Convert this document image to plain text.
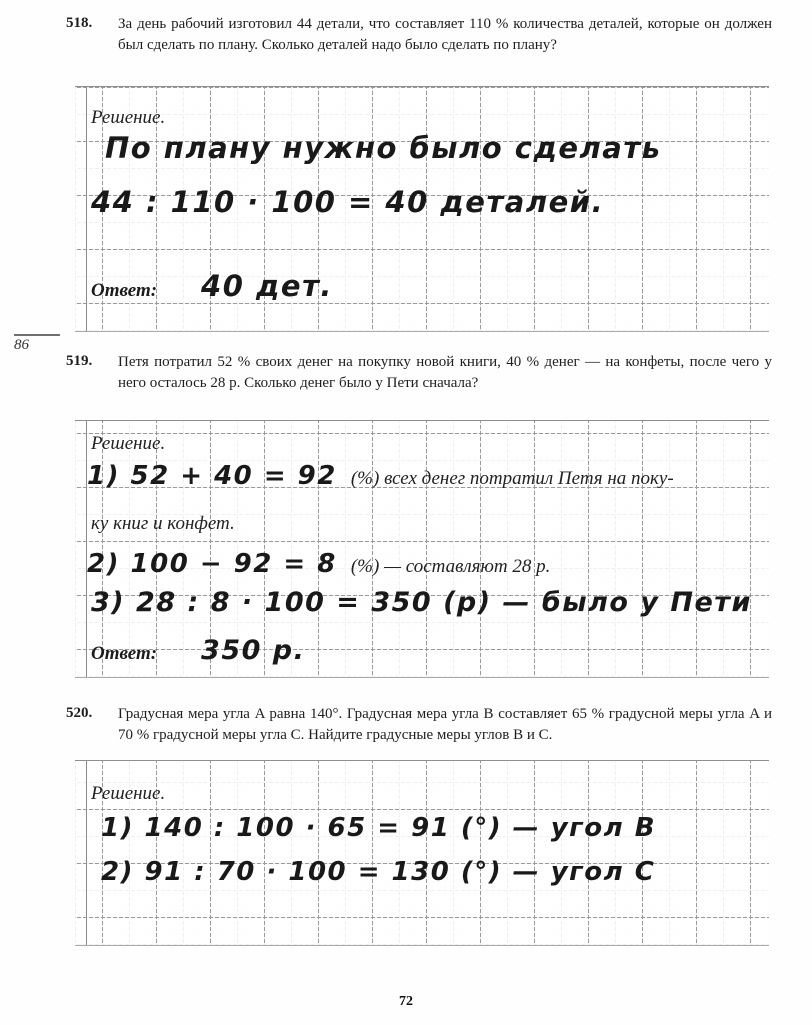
518.	За день рабочий изготовил 44 детали, что составляет 110 % количества деталей, которые он должен был сделать по плану. Сколько деталей надо было сделать по плану?

Решение.
По плану нужно было сделать
44 : 110 · 100 = 40 деталей.
Ответ: 40 дет.
86
519.	Петя потратил 52 % своих денег на покупку новой книги, 40 % денег — на конфеты, после чего у него осталось 28 р. Сколько денег было у Пети сначала?

Решение.
1) 52 + 40 = 92 (%) всех денег потратил Петя на поку-
ку книг и конфет.
2) 100 − 92 = 8 (%) — составляют 28 р.
3) 28 : 8 · 100 = 350 (р) — было у Пети
Ответ: 350 р.
520.	Градусная мера угла A равна 140°. Градусная мера угла B составляет 65 % градусной меры угла A и 70 % градусной меры угла C. Найдите градусные меры углов B и C.

Решение.
1) 140 : 100 · 65 = 91 (°) — угол В
2) 91 : 70 · 100 = 130 (°) — угол С
72
